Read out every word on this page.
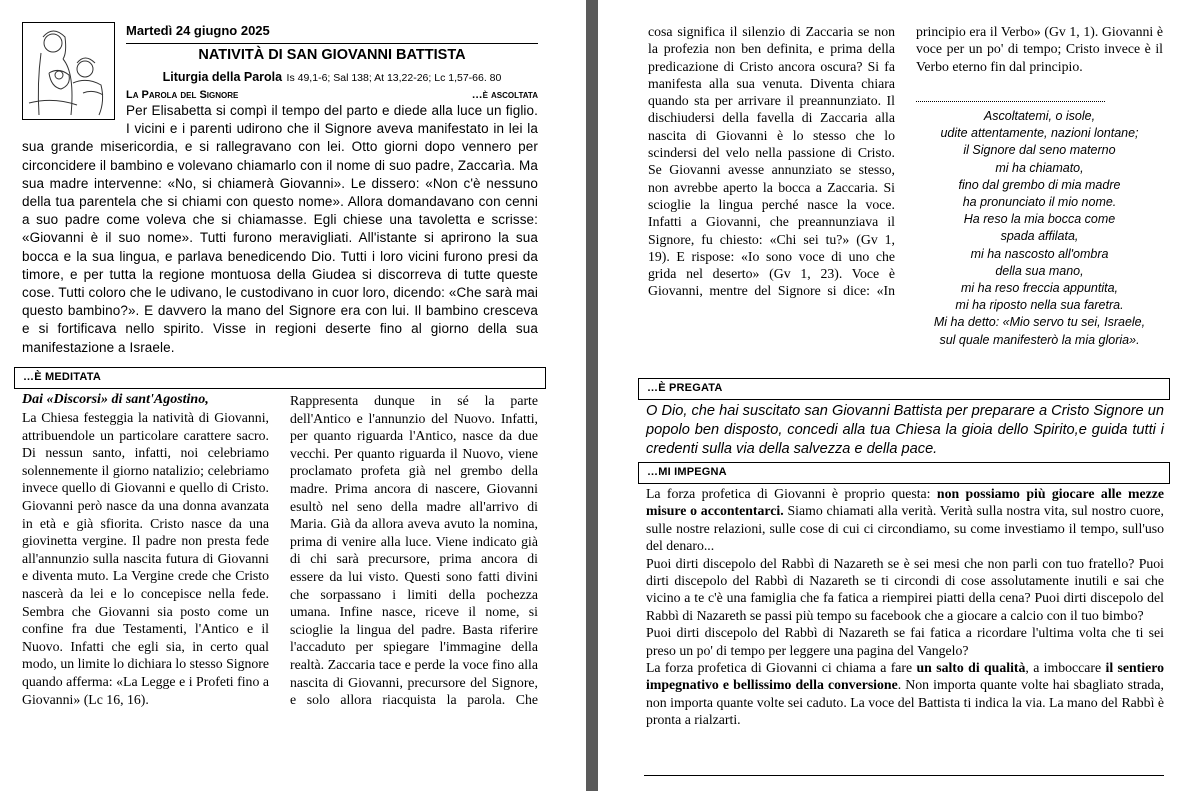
Martedì 24 giugno 2025
NATIVITÀ DI SAN GIOVANNI BATTISTA
Liturgia della Parola Is 49,1-6; Sal 138; At 13,22-26; Lc 1,57-66. 80
La Parola del Signore	…è ascoltata
Per Elisabetta si compì il tempo del parto e diede alla luce un figlio. I vicini e i parenti udirono che il Signore aveva manifestato in lei la sua grande misericordia, e si rallegravano con lei. Otto giorni dopo vennero per circoncidere il bambino e volevano chiamarlo con il nome di suo padre, Zaccarìa. Ma sua madre intervenne: «No, si chiamerà Giovanni». Le dissero: «Non c'è nessuno della tua parentela che si chiami con questo nome». Allora domandavano con cenni a suo padre come voleva che si chiamasse. Egli chiese una tavoletta e scrisse: «Giovanni è il suo nome». Tutti furono meravigliati. All'istante si aprirono la sua bocca e la sua lingua, e parlava benedicendo Dio. Tutti i loro vicini furono presi da timore, e per tutta la regione montuosa della Giudea si discorreva di tutte queste cose. Tutti coloro che le udivano, le custodivano in cuor loro, dicendo: «Che sarà mai questo bambino?». E davvero la mano del Signore era con lui. Il bambino cresceva e si fortificava nello spirito. Visse in regioni deserte fino al giorno della sua manifestazione a Israele.
…È MEDITATA
Dai «Discorsi» di sant'Agostino,
La Chiesa festeggia la natività di Giovanni, attribuendole un particolare carattere sacro. Di nessun santo, infatti, noi celebriamo solennemente il giorno natalizio; celebriamo invece quello di Giovanni e quello di Cristo. Giovanni però nasce da una donna avanzata in età e già sfiorita. Cristo nasce da una giovinetta vergine. Il padre non presta fede all'annunzio sulla nascita futura di Giovanni e diventa muto. La Vergine crede che Cristo nascerà da lei e lo concepisce nella fede. Sembra che Giovanni sia posto come un confine fra due Testamenti, l'Antico e il Nuovo. Infatti che egli sia, in certo qual modo, un limite lo dichiara lo stesso Signore quando afferma: «La Legge e i Profeti fino a Giovanni» (Lc 16, 16).
Rappresenta dunque in sé la parte dell'Antico e l'annunzio del Nuovo. Infatti, per quanto riguarda l'Antico, nasce da due vecchi. Per quanto riguarda il Nuovo, viene proclamato profeta già nel grembo della madre. Prima ancora di nascere, Giovanni esultò nel seno della madre all'arrivo di Maria. Già da allora aveva avuto la nomina, prima di venire alla luce. Viene indicato già di chi sarà precursore, prima ancora di essere da lui visto. Questi sono fatti divini che sorpassano i limiti della pochezza umana. Infine nasce, riceve il nome, si scioglie la lingua del padre. Basta riferire l'accaduto per spiegare l'immagine della realtà. Zaccaria tace e perde la voce fino alla nascita di Giovanni, precursore del Signore, e solo allora riacquista la parola. Che
cosa significa il silenzio di Zaccaria se non la profezia non ben definita, e prima della predicazione di Cristo ancora oscura? Si fa manifesta alla sua venuta. Diventa chiara quando sta per arrivare il preannunziato. Il dischiudersi della favella di Zaccaria alla nascita di Giovanni è lo stesso che lo scindersi del velo nella passione di Cristo. Se Giovanni avesse annunziato se stesso, non avrebbe aperto la bocca a Zaccaria. Si scioglie la lingua perché nasce la voce. Infatti a Giovanni, che preannunziava il Signore, fu chiesto: «Chi sei tu?» (Gv 1, 19). E rispose: «Io sono voce di uno che grida nel deserto» (Gv 1, 23). Voce è Giovanni, mentre del Signore si dice: «In
principio era il Verbo» (Gv 1, 1). Giovanni è voce per un po' di tempo; Cristo invece è il Verbo eterno fin dal principio.
Ascoltatemi, o isole,
udite attentamente, nazioni lontane;
il Signore dal seno materno
mi ha chiamato,
fino dal grembo di mia madre
ha pronunciato il mio nome.
Ha reso la mia bocca come
spada affilata,
mi ha nascosto all'ombra
della sua mano,
mi ha reso freccia appuntita,
mi ha riposto nella sua faretra.
Mi ha detto: «Mio servo tu sei, Israele,
sul quale manifesterò la mia gloria».
…È PREGATA
O Dio, che hai suscitato san Giovanni Battista per preparare a Cristo Signore un popolo ben disposto, concedi alla tua Chiesa la gioia dello Spirito,e guida tutti i credenti sulla via della salvezza e della pace.
…MI IMPEGNA
La forza profetica di Giovanni è proprio questa: non possiamo più giocare alle mezze misure o accontentarci. Siamo chiamati alla verità. Verità sulla nostra vita, sul nostro cuore, sulle nostre relazioni, sulle cose di cui ci circondiamo, su come investiamo il tempo, sull'uso del denaro...
Puoi dirti discepolo del Rabbì di Nazareth se è sei mesi che non parli con tuo fratello? Puoi dirti discepolo del Rabbì di Nazareth se ti circondi di cose assolutamente inutili e sai che vicino a te c'è una famiglia che fa fatica a riempirei piatti della cena? Puoi dirti discepolo del Rabbì di Nazareth se passi più tempo su facebook che a giocare a calcio con il tuo bimbo?
Puoi dirti discepolo del Rabbì di Nazareth se fai fatica a ricordare l'ultima volta che ti sei preso un po' di tempo per leggere una pagina del Vangelo?
La forza profetica di Giovanni ci chiama a fare un salto di qualità, a imboccare il sentiero impegnativo e bellissimo della conversione. Non importa quante volte hai sbagliato strada, non importa quante volte sei caduto. La voce del Battista ti indica la via. La mano del Rabbì è pronta a rialzarti.
